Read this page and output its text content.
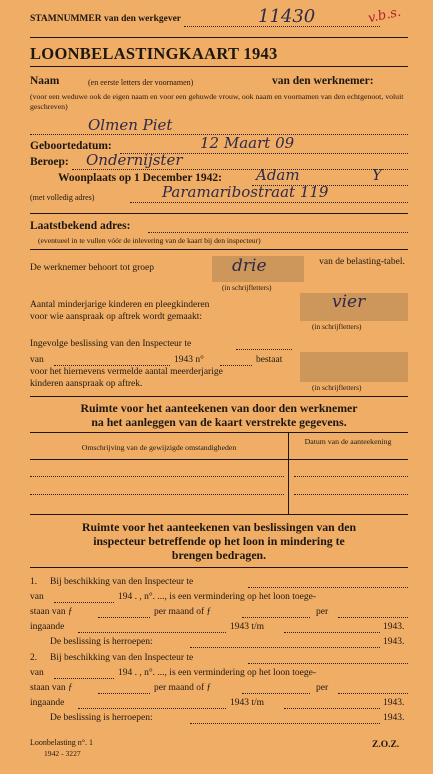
STAMNUMMER van den werkgever	11430	v.b.s.
LOONBELASTINGKAART 1943
Naam	(en eerste letters der voornamen)	van den werknemer:
(voor een weduwe ook de eigen naam en voor een gehuwde vrouw, ook naam en voornamen van den echtgenoot, voluit geschreven)
Olmen Piet
Geboortedatum:	12 Maart 09
Beroep: Ondernijster
Woonplaats op 1 December 1942: Adam	Y
(met volledig adres)	Paramaribostraat 119
Laatstbekend adres:
(eventueel in te vullen vóór de inlevering van de kaart bij den inspecteur)
De werknemer behoort tot groep	drie
(in schrijfletters)
van de belasting-tabel.
Aantal minderjarige kinderen en pleegkinderen
voor wie aanspraak op aftrek wordt gemaakt:
vier
(in schrijfletters)
Ingevolge beslissing van den Inspecteur te
van	1943 n°	bestaat
voor het hiernevens vermelde aantal meerderjarige
kinderen aanspraak op aftrek.	(in schrijfletters)
Ruimte voor het aanteekenen van door den werknemer
na het aanleggen van de kaart verstrekte gegevens.
Omschrijving van de gewijzigde omstandigheden
Datum van de aanteekening
Ruimte voor het aanteekenen van beslissingen van den
inspecteur betreffende op het loon in mindering te
brengen bedragen.
1. Bij beschikking van den Inspecteur te
van	194 . , n°. ..., is een vermindering op het loon toege-
staan van ƒ	per maand of ƒ	per
ingaande	1943 t/m	1943.
De beslissing is herroepen:	1943.
2. Bij beschikking van den Inspecteur te
van	194 . , n°. ..., is een vermindering op het loon toege-
staan van ƒ	per maand of ƒ	per
ingaande	1943 t/m	1943.
De beslissing is herroepen:	1943.
Loonbelasting n°. 1
1942 - 3227
Z.O.Z.
